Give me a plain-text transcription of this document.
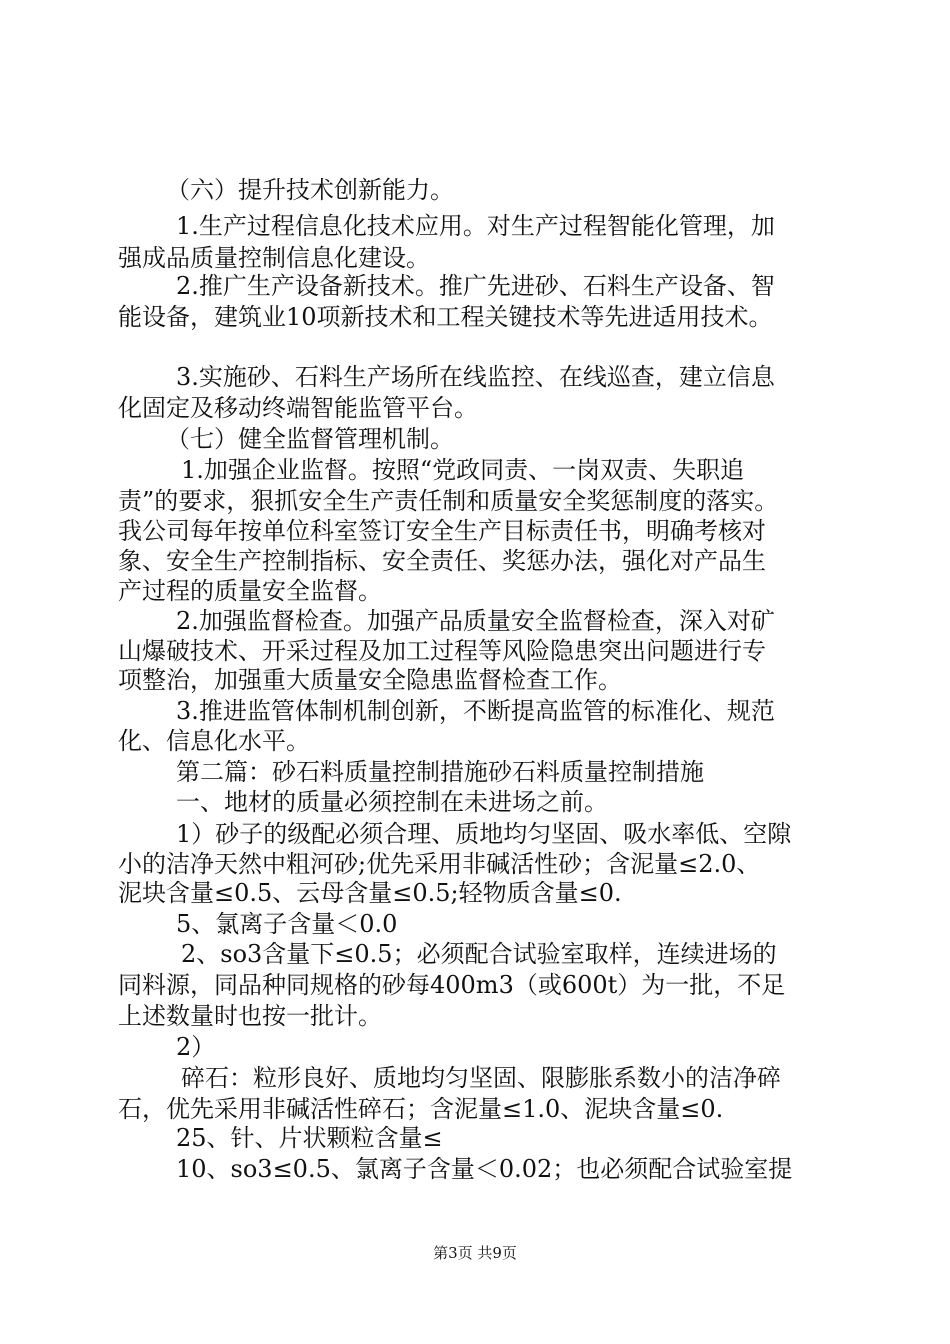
（六）提升技术创新能力。
1.生产过程信息化技术应用。对生产过程智能化管理，加
强成品质量控制信息化建设。
2.推广生产设备新技术。推广先进砂、石料生产设备、智
能设备，建筑业10项新技术和工程关键技术等先进适用技术。
3.实施砂、石料生产场所在线监控、在线巡查，建立信息
化固定及移动终端智能监管平台。
（七）健全监督管理机制。
1.加强企业监督。按照“党政同责、一岗双责、失职追
责”的要求，狠抓安全生产责任制和质量安全奖惩制度的落实。
我公司每年按单位科室签订安全生产目标责任书，明确考核对
象、安全生产控制指标、安全责任、奖惩办法，强化对产品生
产过程的质量安全监督。
2.加强监督检查。加强产品质量安全监督检查，深入对矿
山爆破技术、开采过程及加工过程等风险隐患突出问题进行专
项整治，加强重大质量安全隐患监督检查工作。
3.推进监管体制机制创新，不断提高监管的标准化、规范
化、信息化水平。
第二篇：砂石料质量控制措施砂石料质量控制措施
一、地材的质量必须控制在未进场之前。
1）砂子的级配必须合理、质地均匀坚固、吸水率低、空隙
小的洁净天然中粗河砂;优先采用非碱活性砂；含泥量≤2.0、
泥块含量≤0.5、云母含量≤0.5;轻物质含量≤0.
5、氯离子含量＜0.0
2、so3含量下≤0.5；必须配合试验室取样，连续进场的
同料源，同品种同规格的砂每400m3（或600t）为一批，不足
上述数量时也按一批计。
2）
碎石：粒形良好、质地均匀坚固、限膨胀系数小的洁净碎
石，优先采用非碱活性碎石；含泥量≤1.0、泥块含量≤0.
25、针、片状颗粒含量≤
10、so3≤0.5、氯离子含量＜0.02；也必须配合试验室提
第3页 共9页
